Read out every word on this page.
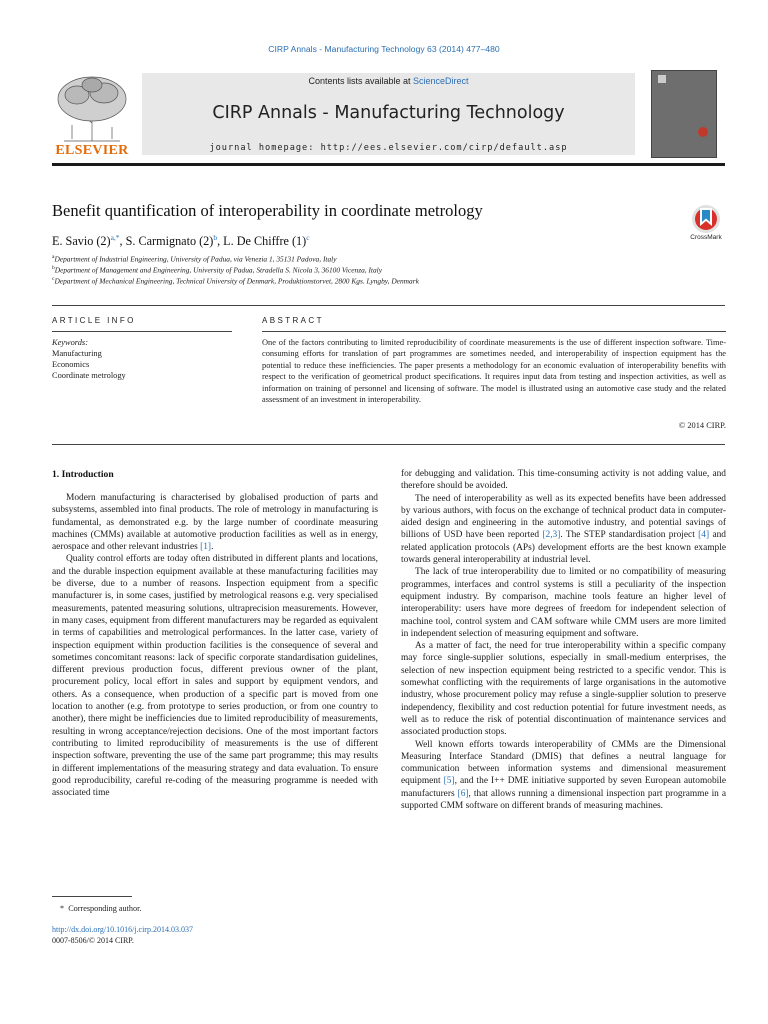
CIRP Annals - Manufacturing Technology 63 (2014) 477–480
ELSEVIER
Contents lists available at ScienceDirect
CIRP Annals - Manufacturing Technology
journal homepage: http://ees.elsevier.com/cirp/default.asp
Benefit quantification of interoperability in coordinate metrology
E. Savio $(2)^{a,*}$, S. Carmignato $(2)^b$, L. De Chiffre $(1)^c$	CrossMark
$^a$Department of Industrial Engineering, University of Padua, via Venezia 1, 35131 Padova, Italy
$^b$Department of Management and Engineering, University of Padua, Stradella S. Nicola 3, 36100 Vicenza, Italy
$^c$Department of Mechanical Engineering, Technical University of Denmark, Produktionstorvet, 2800 Kgs. Lyngby, Denmark
ARTICLE INFO	ABSTRACT
Keywords:
Manufacturing
Economics
Coordinate metrology
One of the factors contributing to limited reproducibility of coordinate measurements is the use of different inspection software. Time-consuming efforts for translation of part programmes are sometimes needed, and interoperability of inspection equipment has the potential to reduce these inefficiencies. The paper presents a methodology for an economic evaluation of interoperability benefits with respect to the verification of geometrical product specifications. It requires input data from testing and inspection activities, as well as information on training of personnel and licensing of software. The model is illustrated using an automotive case study and the related assessment of an investment in interoperability.
© 2014 CIRP.
1. Introduction

Modern manufacturing is characterised by globalised production of parts and subsystems, assembled into final products. The role of metrology in manufacturing is fundamental, as demonstrated e.g. by the large number of coordinate measuring machines (CMMs) available at automotive production facilities as well as in energy, aerospace and other relevant industries [1].

Quality control efforts are today often distributed in different plants and locations, and the durable inspection equipment available at these manufacturing facilities may be diverse, due to a number of reasons. Inspection equipment from a specific manufacturer is, in some cases, justified by metrological reasons e.g. very specialised measurements, patented measuring solutions, ultraprecision measurements. However, in many cases, equipment from different manufacturers may be regarded as equivalent in terms of capabilities and metrological performances. In the latter case, variety of inspection equipment within production facilities is the consequence of several and sometimes concomitant reasons: lack of specific corporate standardisation guidelines, different previous production focus, different previous owner of the plant, procurement policy, local effort in sales and support by equipment vendors, and others. As a consequence, when production of a specific part is moved from one location to another (e.g. from prototype to series production, or from one country to another), there might be inefficiencies due to limited reproducibility of measurements, resulting in wrong acceptance/rejection decisions. One of the most important factors contributing to limited reproducibility of measurements is the use of different inspection software, preventing the use of the same part programme; this may results in different implementations of the measuring strategy and data evaluation. To ensure good reproducibility, careful re-coding of the measuring programme is needed with associated time

for debugging and validation. This time-consuming activity is not adding value, and therefore should be avoided.

The need of interoperability as well as its expected benefits have been addressed by various authors, with focus on the exchange of technical product data in computer-aided design and engineering in the automotive industry, and potential savings of billions of USD have been reported [2,3]. The STEP standardisation project [4] and related application protocols (APs) development efforts are the best known example towards general interoperability at industrial level.

The lack of true interoperability due to limited or no compatibility of measuring programmes, interfaces and control systems is still a peculiarity of the inspection equipment industry. By comparison, machine tools feature an higher level of interoperability: users have more degrees of freedom for independent selection of machine tool, control system and CAM software while CMM users are more limited in independent selection of measuring equipment and software.

As a matter of fact, the need for true interoperability within a specific company may force single-supplier solutions, especially in small-medium enterprises, the selection of new inspection equipment being restricted to a specific vendor. This is somewhat conflicting with the requirements of large organisations in the automotive industry, whose procurement policy may refuse a single-supplier solution to preserve independency, flexibility and cost reduction potential for future investment needs, as well as to reduce the risk of potential discontinuation of maintenance services and associated production stops.

Well known efforts towards interoperability of CMMs are the Dimensional Measuring Interface Standard (DMIS) that defines a neutral language for communication between information systems and dimensional measurement equipment [5], and the I++ DME initiative supported by seven European automobile manufacturers [6], that allows running a dimensional inspection part programme in a supported CMM software on different brands of measuring machines.

* Corresponding author.
http://dx.doi.org/10.1016/j.cirp.2014.03.037
0007-8506/© 2014 CIRP.
